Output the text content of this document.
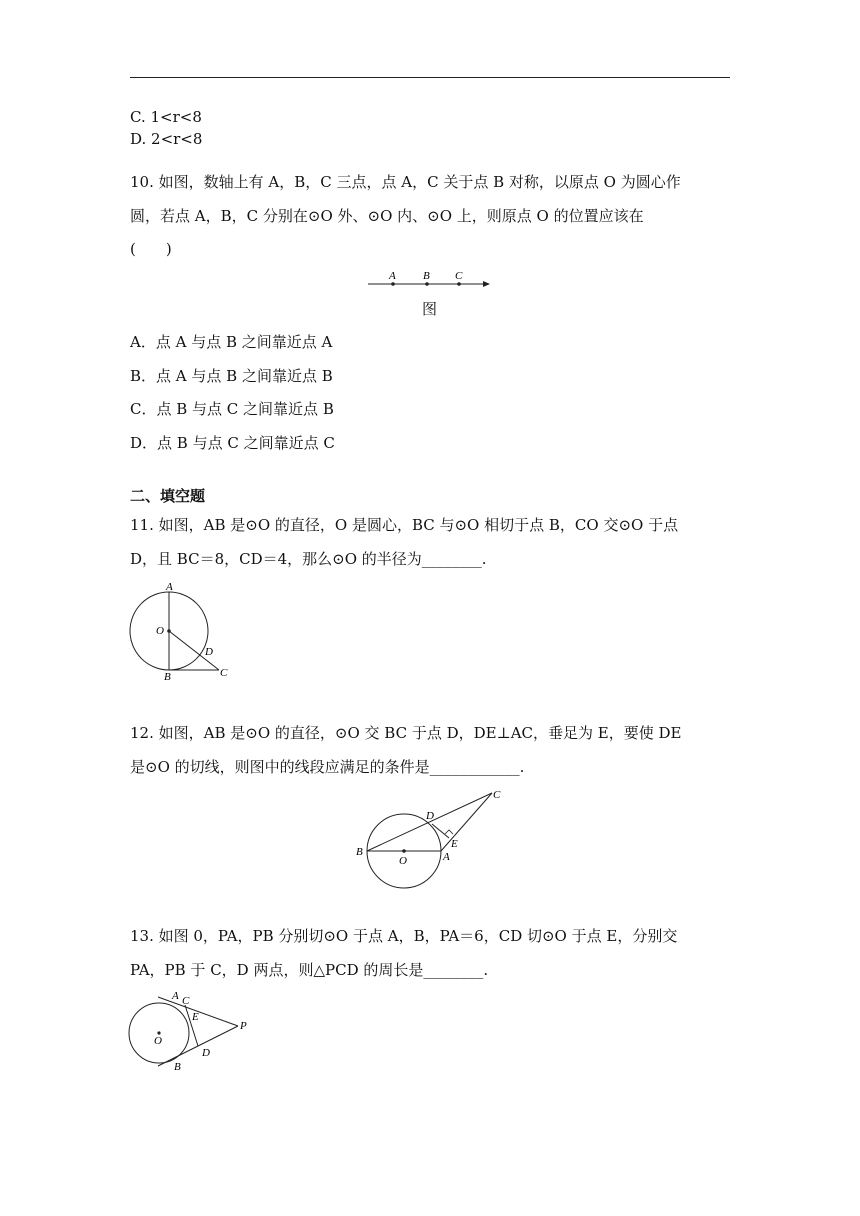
C. 1<r<8
D. 2<r<8
10. 如图，数轴上有 A，B，C 三点，点 A，C 关于点 B 对称，以原点 O 为圆心作
圆，若点 A，B，C 分别在⊙O 外、⊙O 内、⊙O 上，则原点 O 的位置应该在
(　　)
A B C
图
A．点 A 与点 B 之间靠近点 A
B．点 A 与点 B 之间靠近点 B
C．点 B 与点 C 之间靠近点 B
D．点 B 与点 C 之间靠近点 C
二、填空题
11. 如图，AB 是⊙O 的直径，O 是圆心，BC 与⊙O 相切于点 B，CO 交⊙O 于点
D，且 BC＝8，CD＝4，那么⊙O 的半径为________.
A
O
D
B	C
12. 如图，AB 是⊙O 的直径，⊙O 交 BC 于点 D，DE⊥AC，垂足为 E，要使 DE
是⊙O 的切线，则图中的线段应满足的条件是____________.
B
O	A
D
E
C
13. 如图 0，PA，PB 分别切⊙O 于点 A，B，PA＝6，CD 切⊙O 于点 E，分别交
PA，PB 于 C，D 两点，则△PCD 的周长是________.
A C
E
P
O
D
B
